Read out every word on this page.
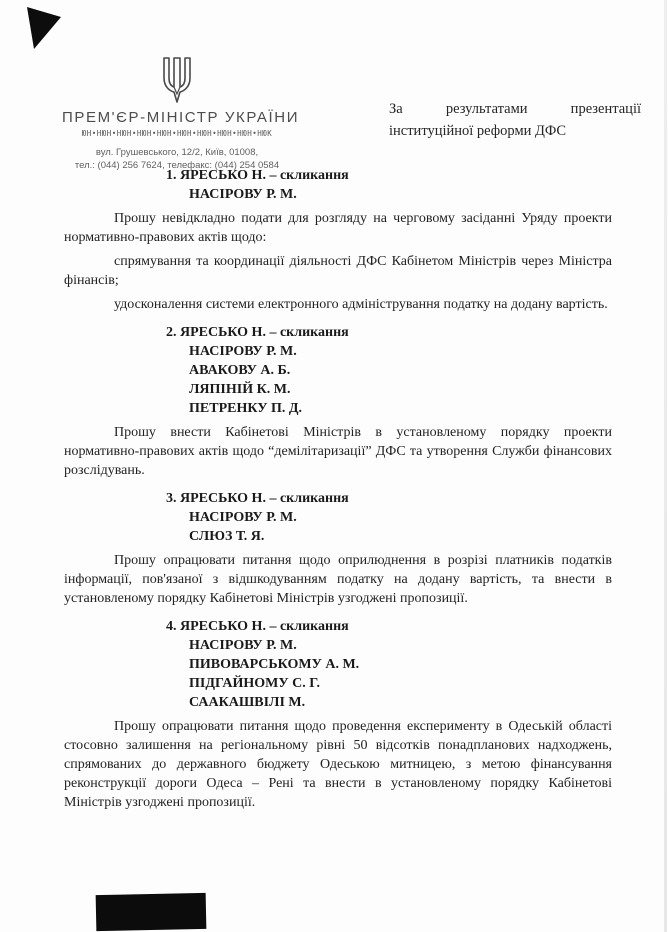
ПРЕМ'ЄР-МІНІСТР УКРАЇНИ
ЮН•НЮН•НЮН•НЮН•НЮН•НЮН•НЮН•НЮН•НЮН•НЮК
вул. Грушевського, 12/2, Київ, 01008,
тел.: (044) 256 7624, телефакс: (044) 254 0584
За результатами презентації інституційної реформи ДФС
1. ЯРЕСЬКО Н. – скликання
НАСІРОВУ Р. М.

Прошу невідкладно подати для розгляду на черговому засіданні Уряду проекти нормативно-правових актів щодо:

спрямування та координації діяльності ДФС Кабінетом Міністрів через Міністра фінансів;

удосконалення системи електронного адміністрування податку на додану вартість.

2. ЯРЕСЬКО Н. – скликання
НАСІРОВУ Р. М.
АВАКОВУ А. Б.
ЛЯПІНІЙ К. М.
ПЕТРЕНКУ П. Д.

Прошу внести Кабінетові Міністрів в установленому порядку проекти нормативно-правових актів щодо “демілітаризації” ДФС та утворення Служби фінансових розслідувань.

3. ЯРЕСЬКО Н. – скликання
НАСІРОВУ Р. М.
СЛЮЗ Т. Я.

Прошу опрацювати питання щодо оприлюднення в розрізі платників податків інформації, пов'язаної з відшкодуванням податку на додану вартість, та внести в установленому порядку Кабінетові Міністрів узгоджені пропозиції.

4. ЯРЕСЬКО Н. – скликання
НАСІРОВУ Р. М.
ПИВОВАРСЬКОМУ А. М.
ПІДГАЙНОМУ С. Г.
СААКАШВІЛІ М.

Прошу опрацювати питання щодо проведення експерименту в Одеській області стосовно залишення на регіональному рівні 50 відсотків понадпланових надходжень, спрямованих до державного бюджету Одеською митницею, з метою фінансування реконструкції дороги Одеса – Рені та внести в установленому порядку Кабінетові Міністрів узгоджені пропозиції.
